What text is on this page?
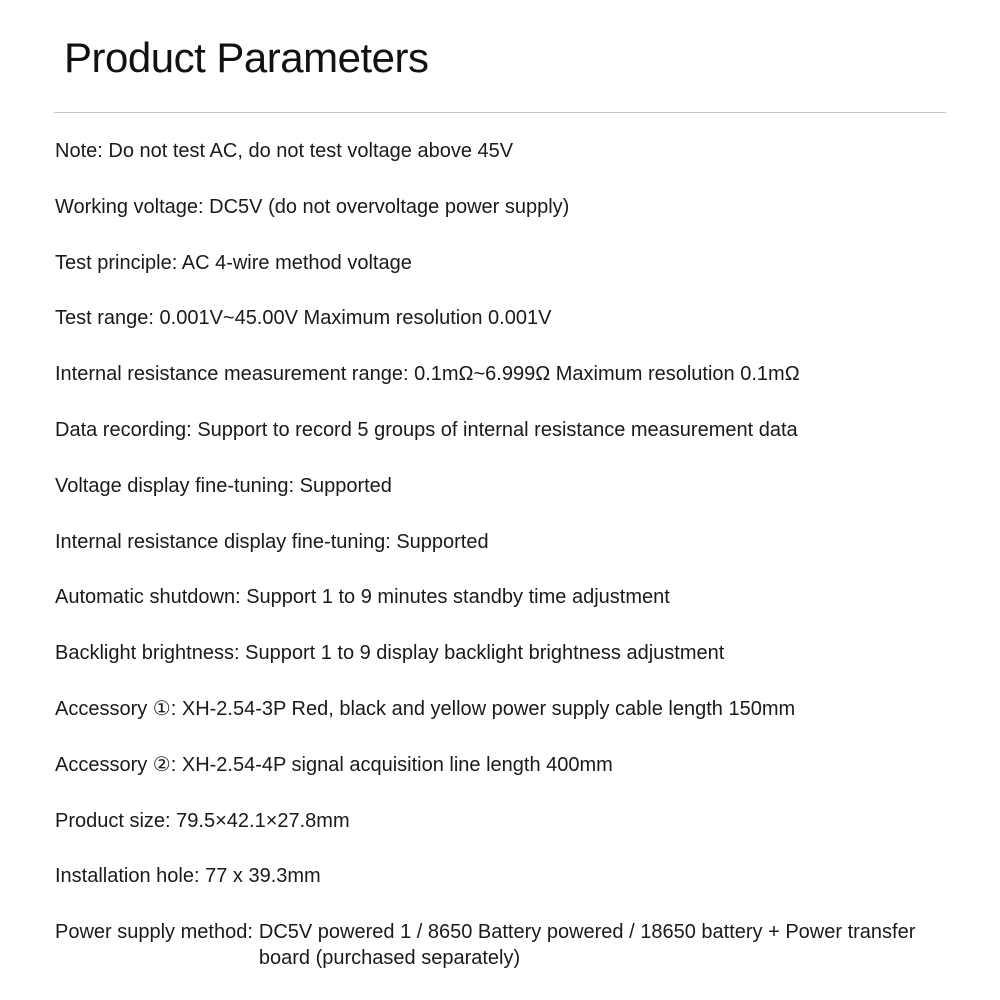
Product Parameters
Note: Do not test AC, do not test voltage above 45V
Working voltage: DC5V (do not overvoltage power supply)
Test principle: AC 4-wire method voltage
Test range: 0.001V~45.00V Maximum resolution 0.001V
Internal resistance measurement range: 0.1mΩ~6.999Ω Maximum resolution 0.1mΩ
Data recording: Support to record 5 groups of internal resistance measurement data
Voltage display fine-tuning: Supported
Internal resistance display fine-tuning: Supported
Automatic shutdown: Support 1 to 9 minutes standby time adjustment
Backlight brightness: Support 1 to 9 display backlight brightness adjustment
Accessory ①: XH-2.54-3P Red, black and yellow power supply cable length 150mm
Accessory ②: XH-2.54-4P signal acquisition line length 400mm
Product size: 79.5×42.1×27.8mm
Installation hole: 77 x 39.3mm
Power supply method: DC5V powered 1 / 8650 Battery powered / 18650 battery + Power transfer board (purchased separately)
